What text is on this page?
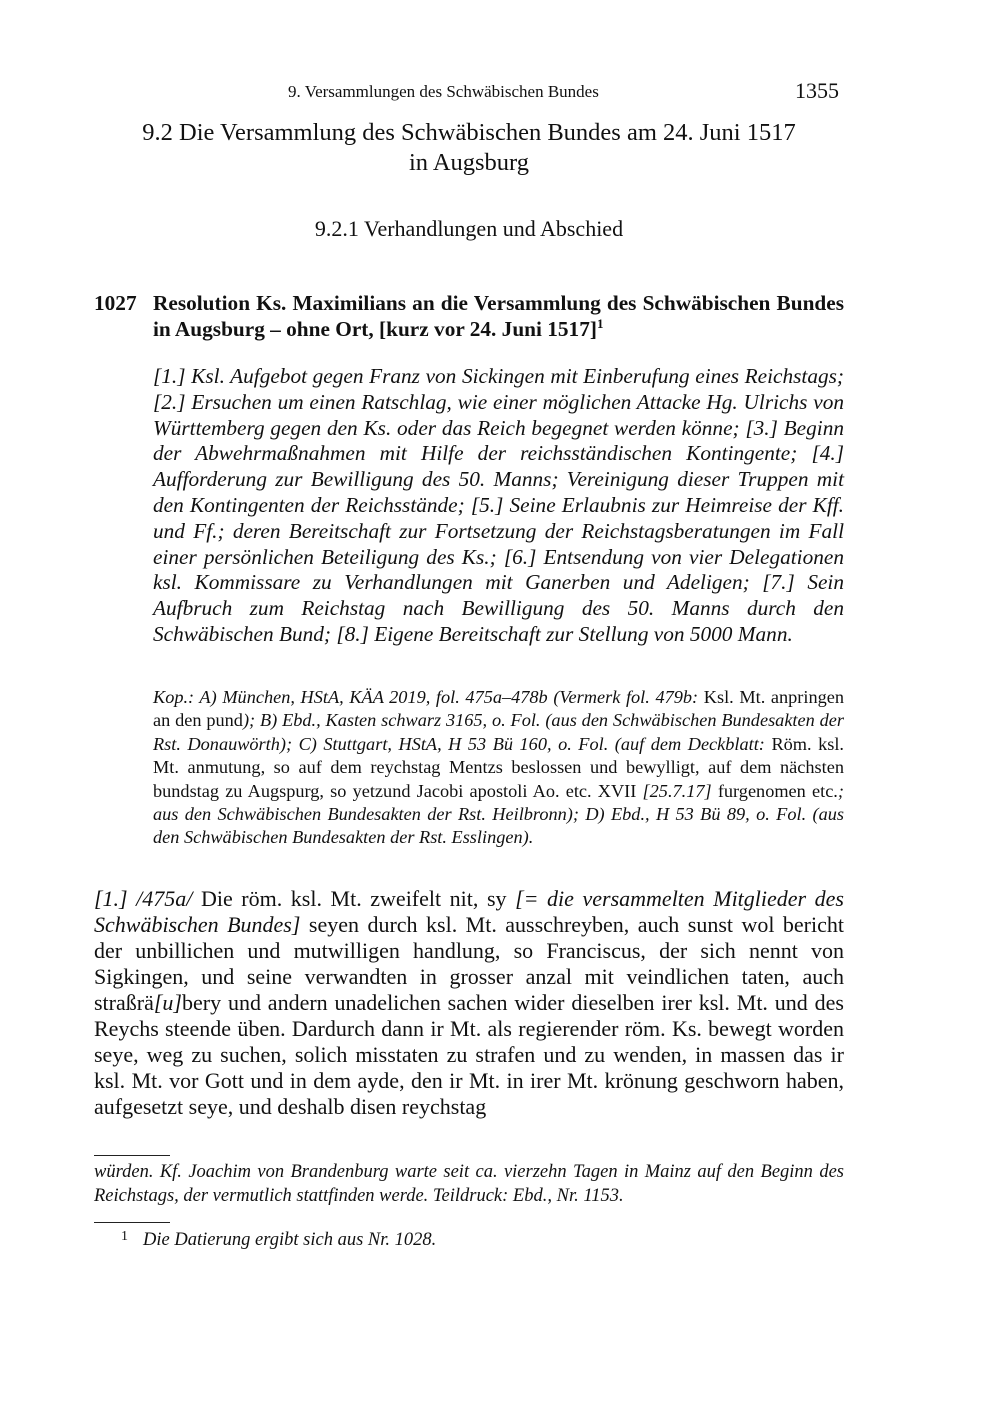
9. Versammlungen des Schwäbischen Bundes	1355
9.2 Die Versammlung des Schwäbischen Bundes am 24. Juni 1517
in Augsburg
9.2.1 Verhandlungen und Abschied
1027 Resolution Ks. Maximilians an die Versammlung des Schwäbischen Bundes in Augsburg – ohne Ort, [kurz vor 24. Juni 1517]$^1$
[1.] Ksl. Aufgebot gegen Franz von Sickingen mit Einberufung eines Reichstags; [2.] Ersuchen um einen Ratschlag, wie einer möglichen Attacke Hg. Ulrichs von Württemberg gegen den Ks. oder das Reich begegnet werden könne; [3.] Beginn der Abwehrmaßnahmen mit Hilfe der reichsständischen Kontingente; [4.] Aufforderung zur Bewilligung des 50. Manns; Vereinigung dieser Truppen mit den Kontingenten der Reichsstände; [5.] Seine Erlaubnis zur Heimreise der Kff. und Ff.; deren Bereitschaft zur Fortsetzung der Reichstagsberatungen im Fall einer persönlichen Beteiligung des Ks.; [6.] Entsendung von vier Delegationen ksl. Kommissare zu Verhandlungen mit Ganerben und Adeligen; [7.] Sein Aufbruch zum Reichstag nach Bewilligung des 50. Manns durch den Schwäbischen Bund; [8.] Eigene Bereitschaft zur Stellung von 5000 Mann.
Kop.: A) München, HStA, KÄA 2019, fol. 475a–478b (Vermerk fol. 479b: Ksl. Mt. anpringen an den pund); B) Ebd., Kasten schwarz 3165, o. Fol. (aus den Schwäbischen Bundesakten der Rst. Donauwörth); C) Stuttgart, HStA, H 53 Bü 160, o. Fol. (auf dem Deckblatt: Röm. ksl. Mt. anmutung, so auf dem reychstag Mentzs beslossen und bewylligt, auf dem nächsten bundstag zu Augspurg, so yetzund Jacobi apostoli Ao. etc. XVII [25.7.17] furgenomen etc.; aus den Schwäbischen Bundesakten der Rst. Heilbronn); D) Ebd., H 53 Bü 89, o. Fol. (aus den Schwäbischen Bundesakten der Rst. Esslingen).
[1.] /475a/ Die röm. ksl. Mt. zweifelt nit, sy [= die versammelten Mitglieder des Schwäbischen Bundes] seyen durch ksl. Mt. ausschreyben, auch sunst wol bericht der unbillichen und mutwilligen handlung, so Franciscus, der sich nennt von Sigkingen, und seine verwandten in grosser anzal mit veindlichen taten, auch straßrä[u]bery und andern unadelichen sachen wider dieselben irer ksl. Mt. und des Reychs steende üben. Dardurch dann ir Mt. als regierender röm. Ks. bewegt worden seye, weg zu suchen, solich misstaten zu strafen und zu wenden, in massen das ir ksl. Mt. vor Gott und in dem ayde, den ir Mt. in irer Mt. krönung geschworn haben, aufgesetzt seye, und deshalb disen reychstag
würden. Kf. Joachim von Brandenburg warte seit ca. vierzehn Tagen in Mainz auf den Beginn des Reichstags, der vermutlich stattfinden werde. Teildruck: Ebd., Nr. 1153.
1 Die Datierung ergibt sich aus Nr. 1028.
